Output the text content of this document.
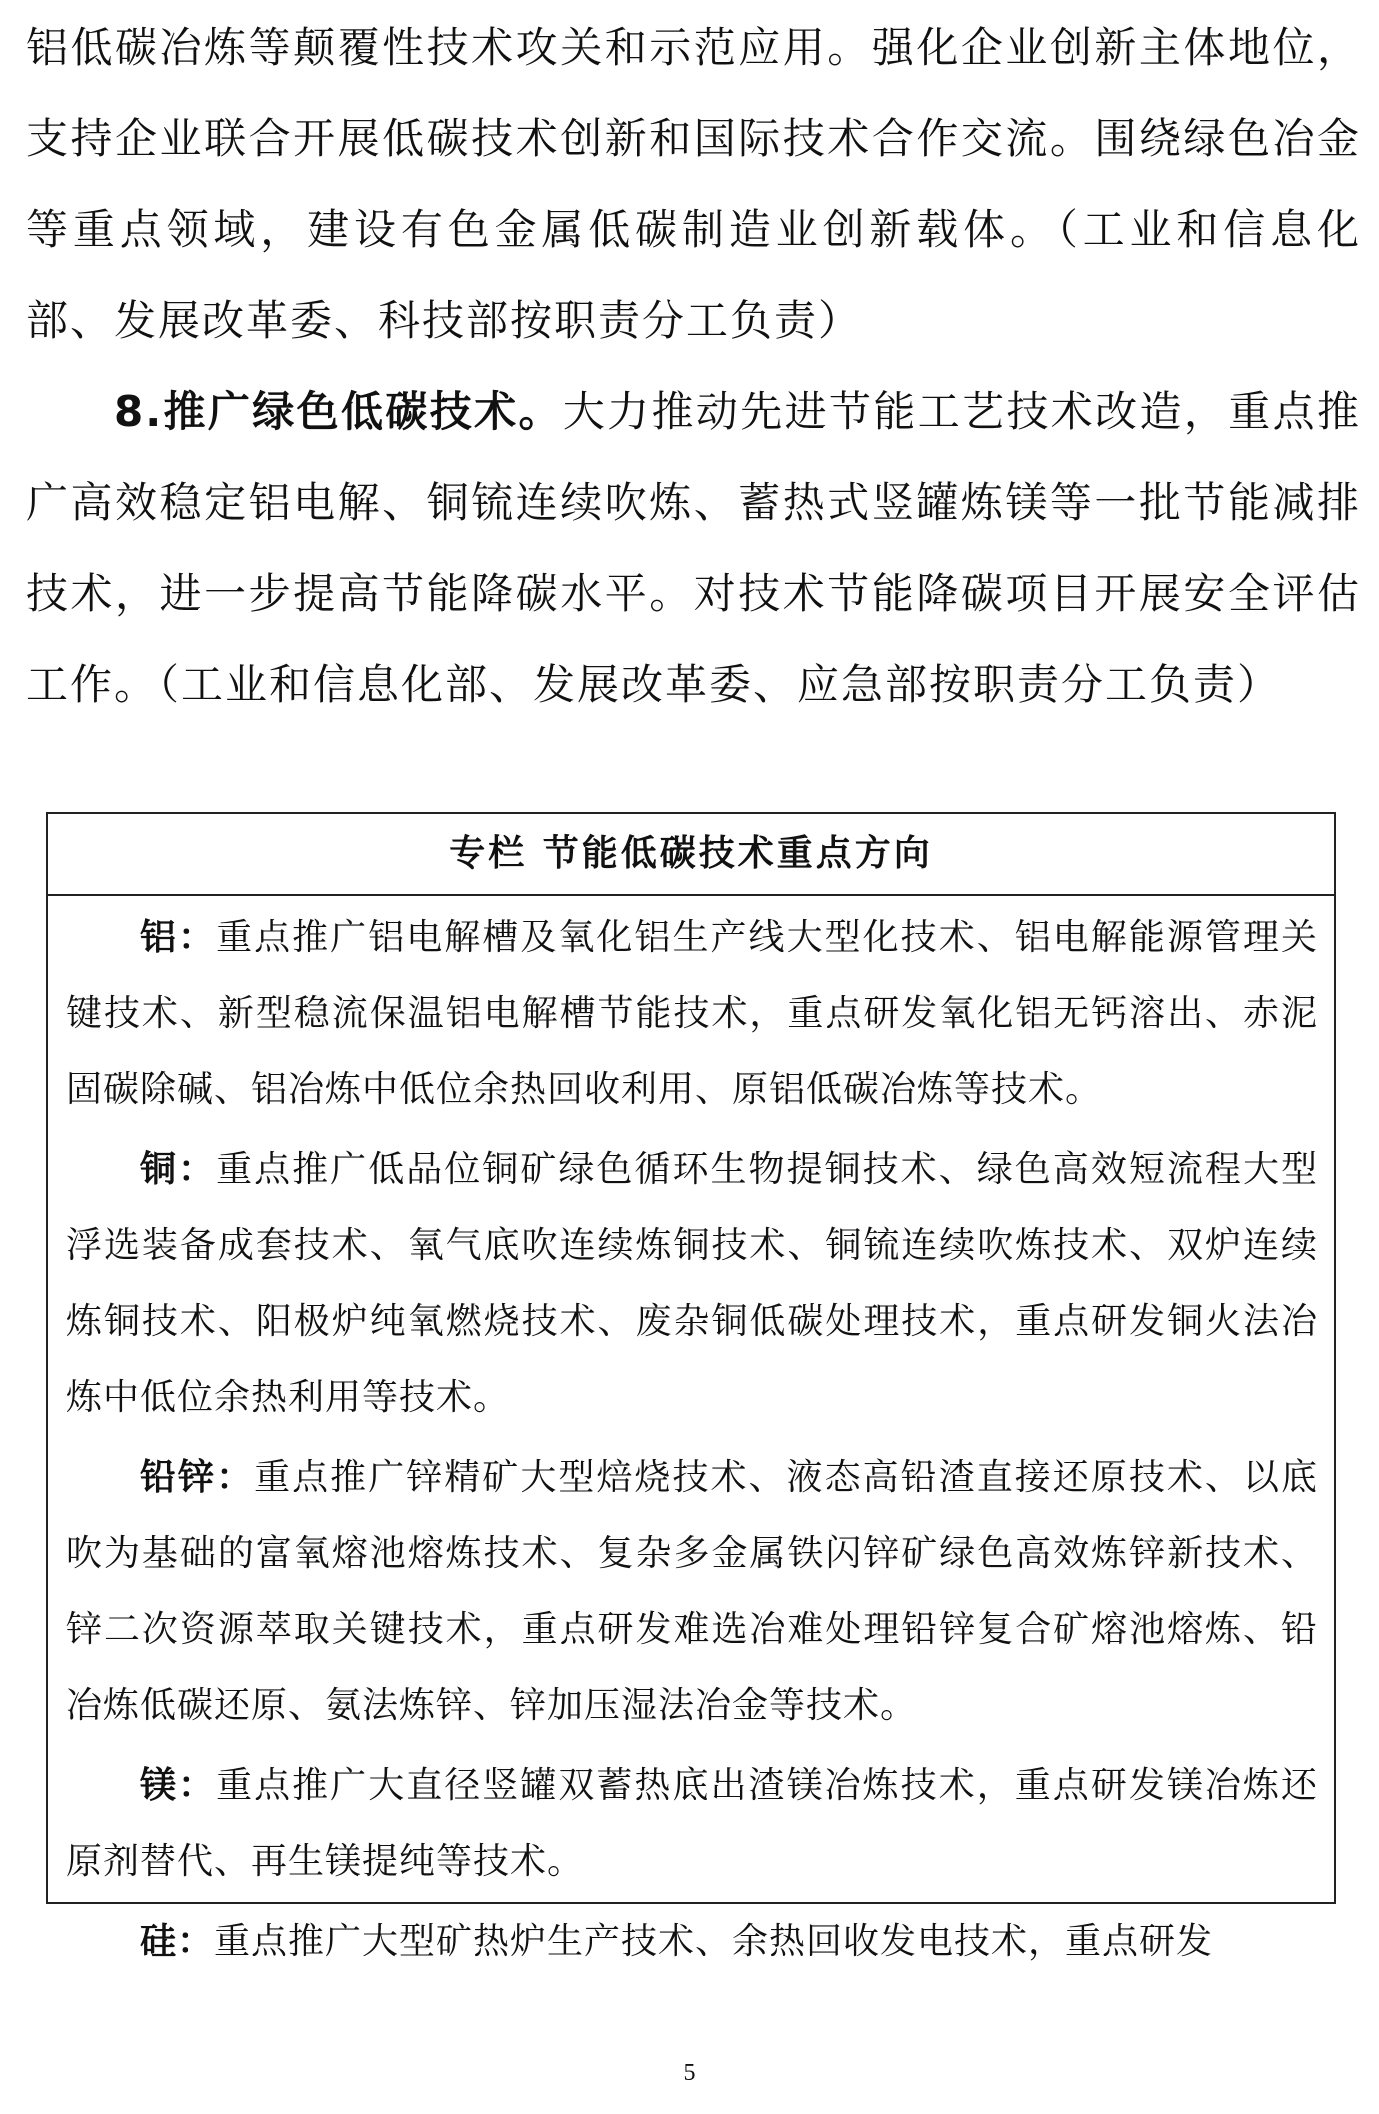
铝低碳冶炼等颠覆性技术攻关和示范应用。强化企业创新主体地位，支持企业联合开展低碳技术创新和国际技术合作交流。围绕绿色冶金等重点领域，建设有色金属低碳制造业创新载体。（工业和信息化部、发展改革委、科技部按职责分工负责）

8.推广绿色低碳技术。大力推动先进节能工艺技术改造，重点推广高效稳定铝电解、铜锍连续吹炼、蓄热式竖罐炼镁等一批节能减排技术，进一步提高节能降碳水平。对技术节能降碳项目开展安全评估工作。（工业和信息化部、发展改革委、应急部按职责分工负责）

专栏 节能低碳技术重点方向

铝：重点推广铝电解槽及氧化铝生产线大型化技术、铝电解能源管理关键技术、新型稳流保温铝电解槽节能技术，重点研发氧化铝无钙溶出、赤泥固碳除碱、铝冶炼中低位余热回收利用、原铝低碳冶炼等技术。

铜：重点推广低品位铜矿绿色循环生物提铜技术、绿色高效短流程大型浮选装备成套技术、氧气底吹连续炼铜技术、铜锍连续吹炼技术、双炉连续炼铜技术、阳极炉纯氧燃烧技术、废杂铜低碳处理技术，重点研发铜火法冶炼中低位余热利用等技术。

铅锌：重点推广锌精矿大型焙烧技术、液态高铅渣直接还原技术、以底吹为基础的富氧熔池熔炼技术、复杂多金属铁闪锌矿绿色高效炼锌新技术、锌二次资源萃取关键技术，重点研发难选冶难处理铅锌复合矿熔池熔炼、铅冶炼低碳还原、氨法炼锌、锌加压湿法冶金等技术。

镁：重点推广大直径竖罐双蓄热底出渣镁冶炼技术，重点研发镁冶炼还原剂替代、再生镁提纯等技术。

硅：重点推广大型矿热炉生产技术、余热回收发电技术，重点研发

5
